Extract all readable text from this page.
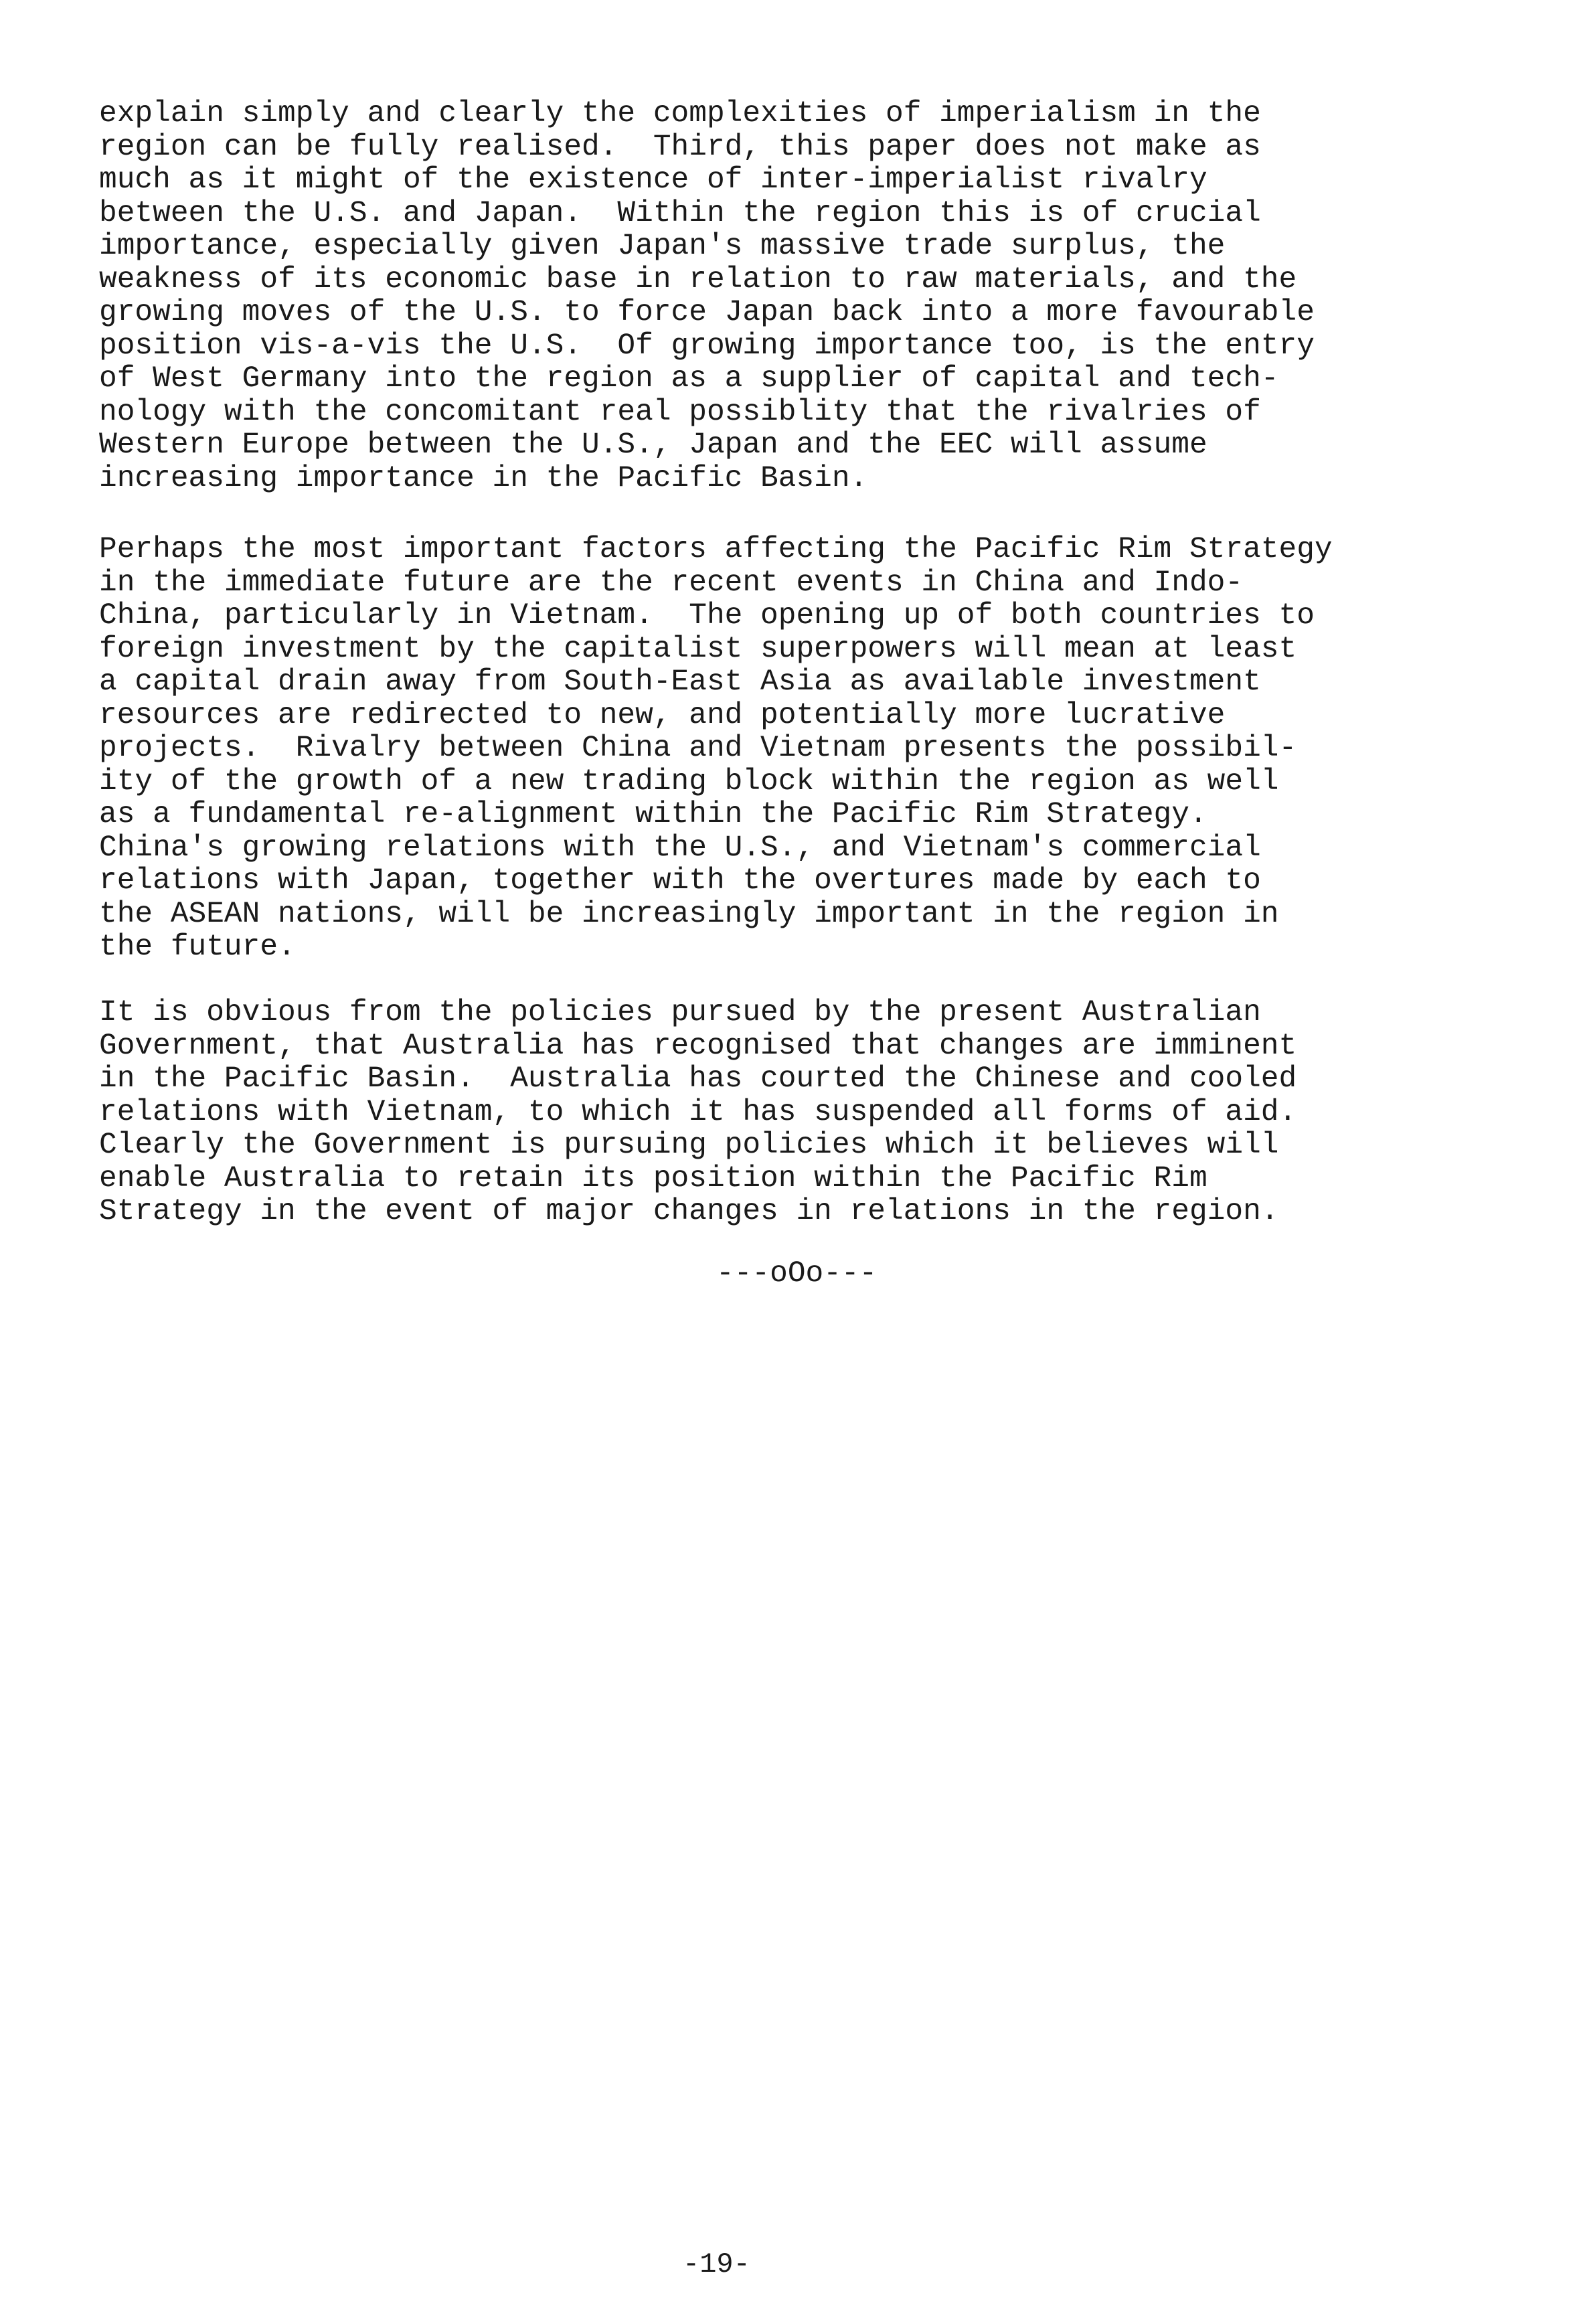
explain simply and clearly the complexities of imperialism in the
region can be fully realised.  Third, this paper does not make as
much as it might of the existence of inter-imperialist rivalry
between the U.S. and Japan.  Within the region this is of crucial
importance, especially given Japan's massive trade surplus, the
weakness of its economic base in relation to raw materials, and the
growing moves of the U.S. to force Japan back into a more favourable
position vis-a-vis the U.S.  Of growing importance too, is the entry
of West Germany into the region as a supplier of capital and tech-
nology with the concomitant real possiblity that the rivalries of
Western Europe between the U.S., Japan and the EEC will assume
increasing importance in the Pacific Basin.

Perhaps the most important factors affecting the Pacific Rim Strategy
in the immediate future are the recent events in China and Indo-
China, particularly in Vietnam.  The opening up of both countries to
foreign investment by the capitalist superpowers will mean at least
a capital drain away from South-East Asia as available investment
resources are redirected to new, and potentially more lucrative
projects.  Rivalry between China and Vietnam presents the possibil-
ity of the growth of a new trading block within the region as well
as a fundamental re-alignment within the Pacific Rim Strategy.
China's growing relations with the U.S., and Vietnam's commercial
relations with Japan, together with the overtures made by each to
the ASEAN nations, will be increasingly important in the region in
the future.

It is obvious from the policies pursued by the present Australian
Government, that Australia has recognised that changes are imminent
in the Pacific Basin.  Australia has courted the Chinese and cooled
relations with Vietnam, to which it has suspended all forms of aid.
Clearly the Government is pursuing policies which it believes will
enable Australia to retain its position within the Pacific Rim
Strategy in the event of major changes in relations in the region.

---oOo---

-19-
